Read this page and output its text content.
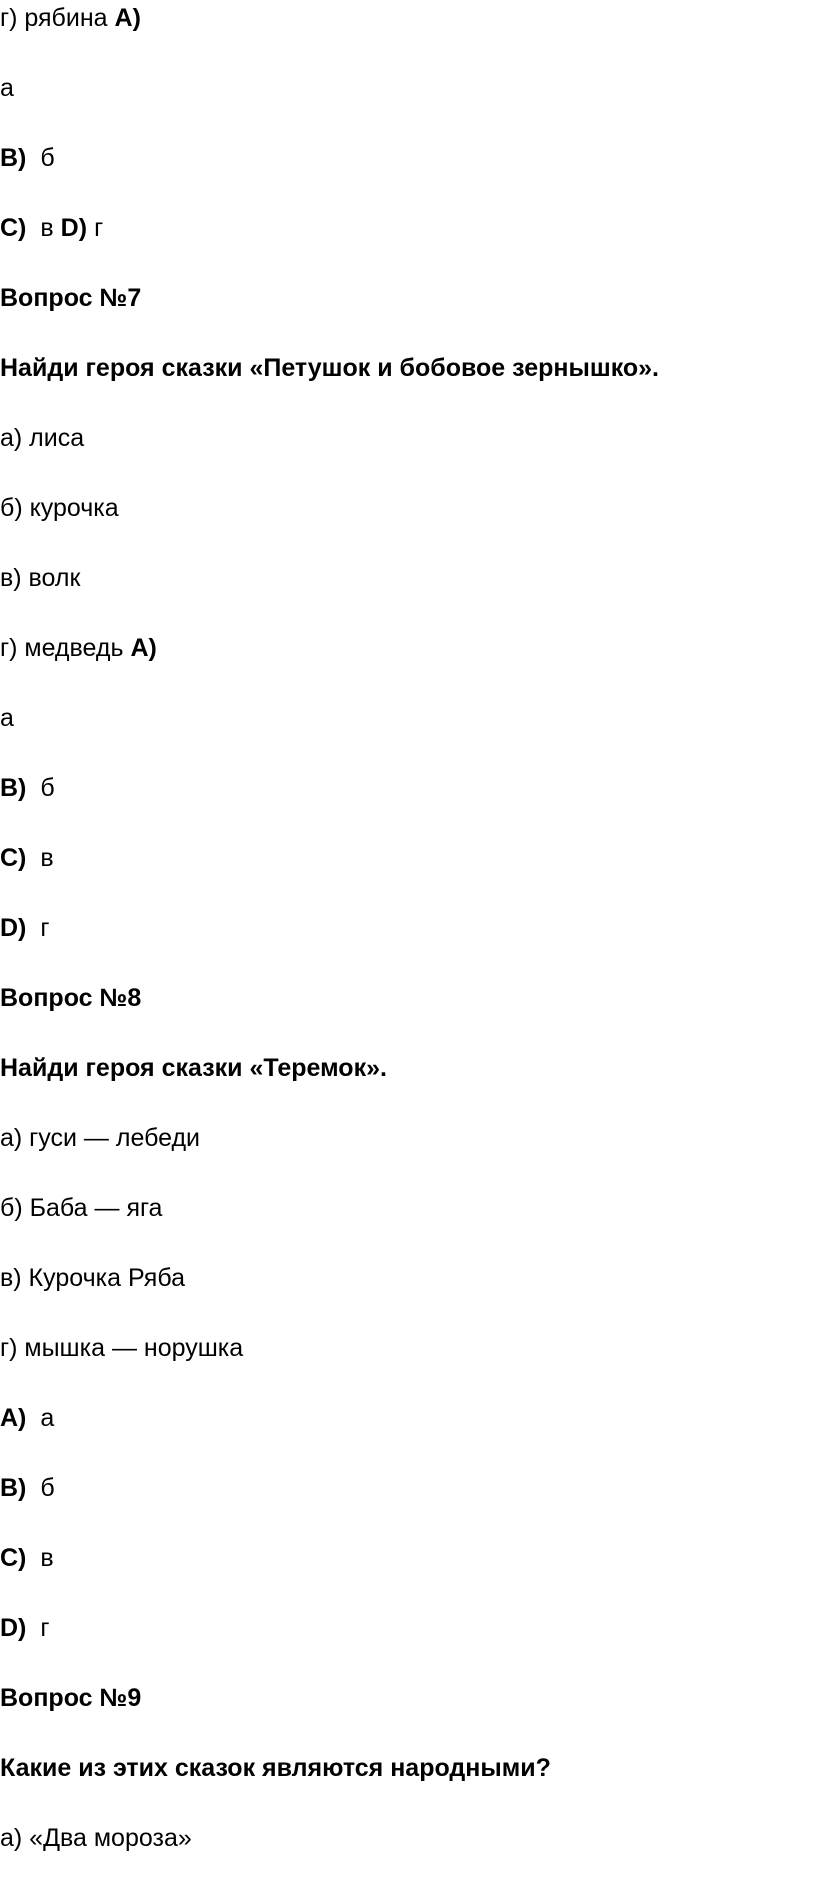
г) рябина A)
а
B) б
C) в D) г
Вопрос №7
Найди героя сказки «Петушок и бобовое зернышко».
а) лиса
б) курочка
в) волк
г) медведь A)
а
B) б
C) в
D) г
Вопрос №8
Найди героя сказки «Теремок».
а) гуси — лебеди
б) Баба — яга
в) Курочка Ряба
г) мышка — норушка
A) а
B) б
C) в
D) г
Вопрос №9
Какие из этих сказок являются народными?
а) «Два мороза»
